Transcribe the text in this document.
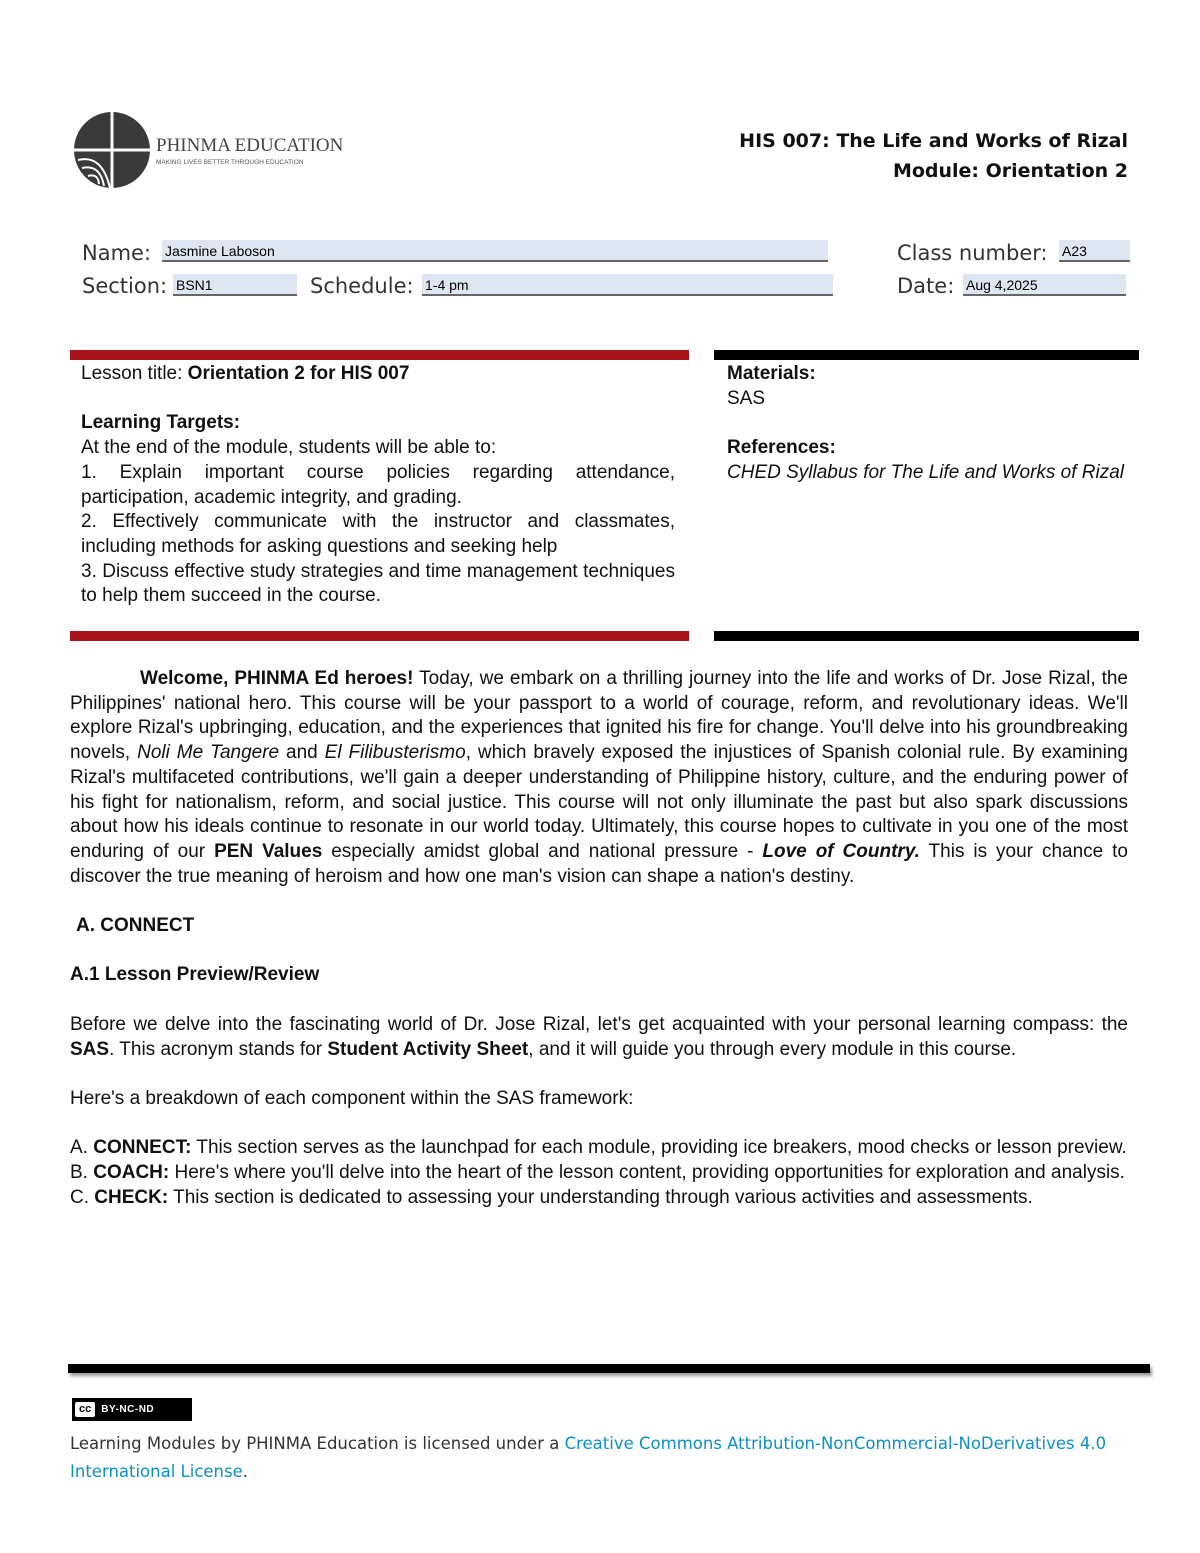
PHINMA EDUCATION
MAKING LIVES BETTER THROUGH EDUCATION
HIS 007: The Life and Works of Rizal
Module: Orientation 2
Name: Jasmine Laboson	Class number: A23
Section: BSN1	Schedule: 1-4 pm	Date: Aug 4,2025

Lesson title: Orientation 2 for HIS 007

Learning Targets:

At the end of the module, students will be able to:

1. Explain important course policies regarding attendance, participation, academic integrity, and grading.

2. Effectively communicate with the instructor and classmates, including methods for asking questions and seeking help

3. Discuss effective study strategies and time management techniques to help them succeed in the course.

Materials:

SAS

References:

CHED Syllabus for The Life and Works of Rizal

Welcome, PHINMA Ed heroes! Today, we embark on a thrilling journey into the life and works of Dr. Jose Rizal, the Philippines' national hero. This course will be your passport to a world of courage, reform, and revolutionary ideas. We'll explore Rizal's upbringing, education, and the experiences that ignited his fire for change. You'll delve into his groundbreaking novels, Noli Me Tangere and El Filibusterismo, which bravely exposed the injustices of Spanish colonial rule. By examining Rizal's multifaceted contributions, we'll gain a deeper understanding of Philippine history, culture, and the enduring power of his fight for nationalism, reform, and social justice. This course will not only illuminate the past but also spark discussions about how his ideals continue to resonate in our world today. Ultimately, this course hopes to cultivate in you one of the most enduring of our PEN Values especially amidst global and national pressure - Love of Country. This is your chance to discover the true meaning of heroism and how one man's vision can shape a nation's destiny.

A. CONNECT

A.1 Lesson Preview/Review

Before we delve into the fascinating world of Dr. Jose Rizal, let's get acquainted with your personal learning compass: the SAS. This acronym stands for Student Activity Sheet, and it will guide you through every module in this course.

Here's a breakdown of each component within the SAS framework:

A. CONNECT: This section serves as the launchpad for each module, providing ice breakers, mood checks or lesson preview.

B. COACH: Here's where you'll delve into the heart of the lesson content, providing opportunities for exploration and analysis.

C. CHECK: This section is dedicated to assessing your understanding through various activities and assessments.

cc	BY-NC-ND
Learning Modules by PHINMA Education is licensed under a Creative Commons Attribution-NonCommercial-NoDerivatives 4.0 International License.
